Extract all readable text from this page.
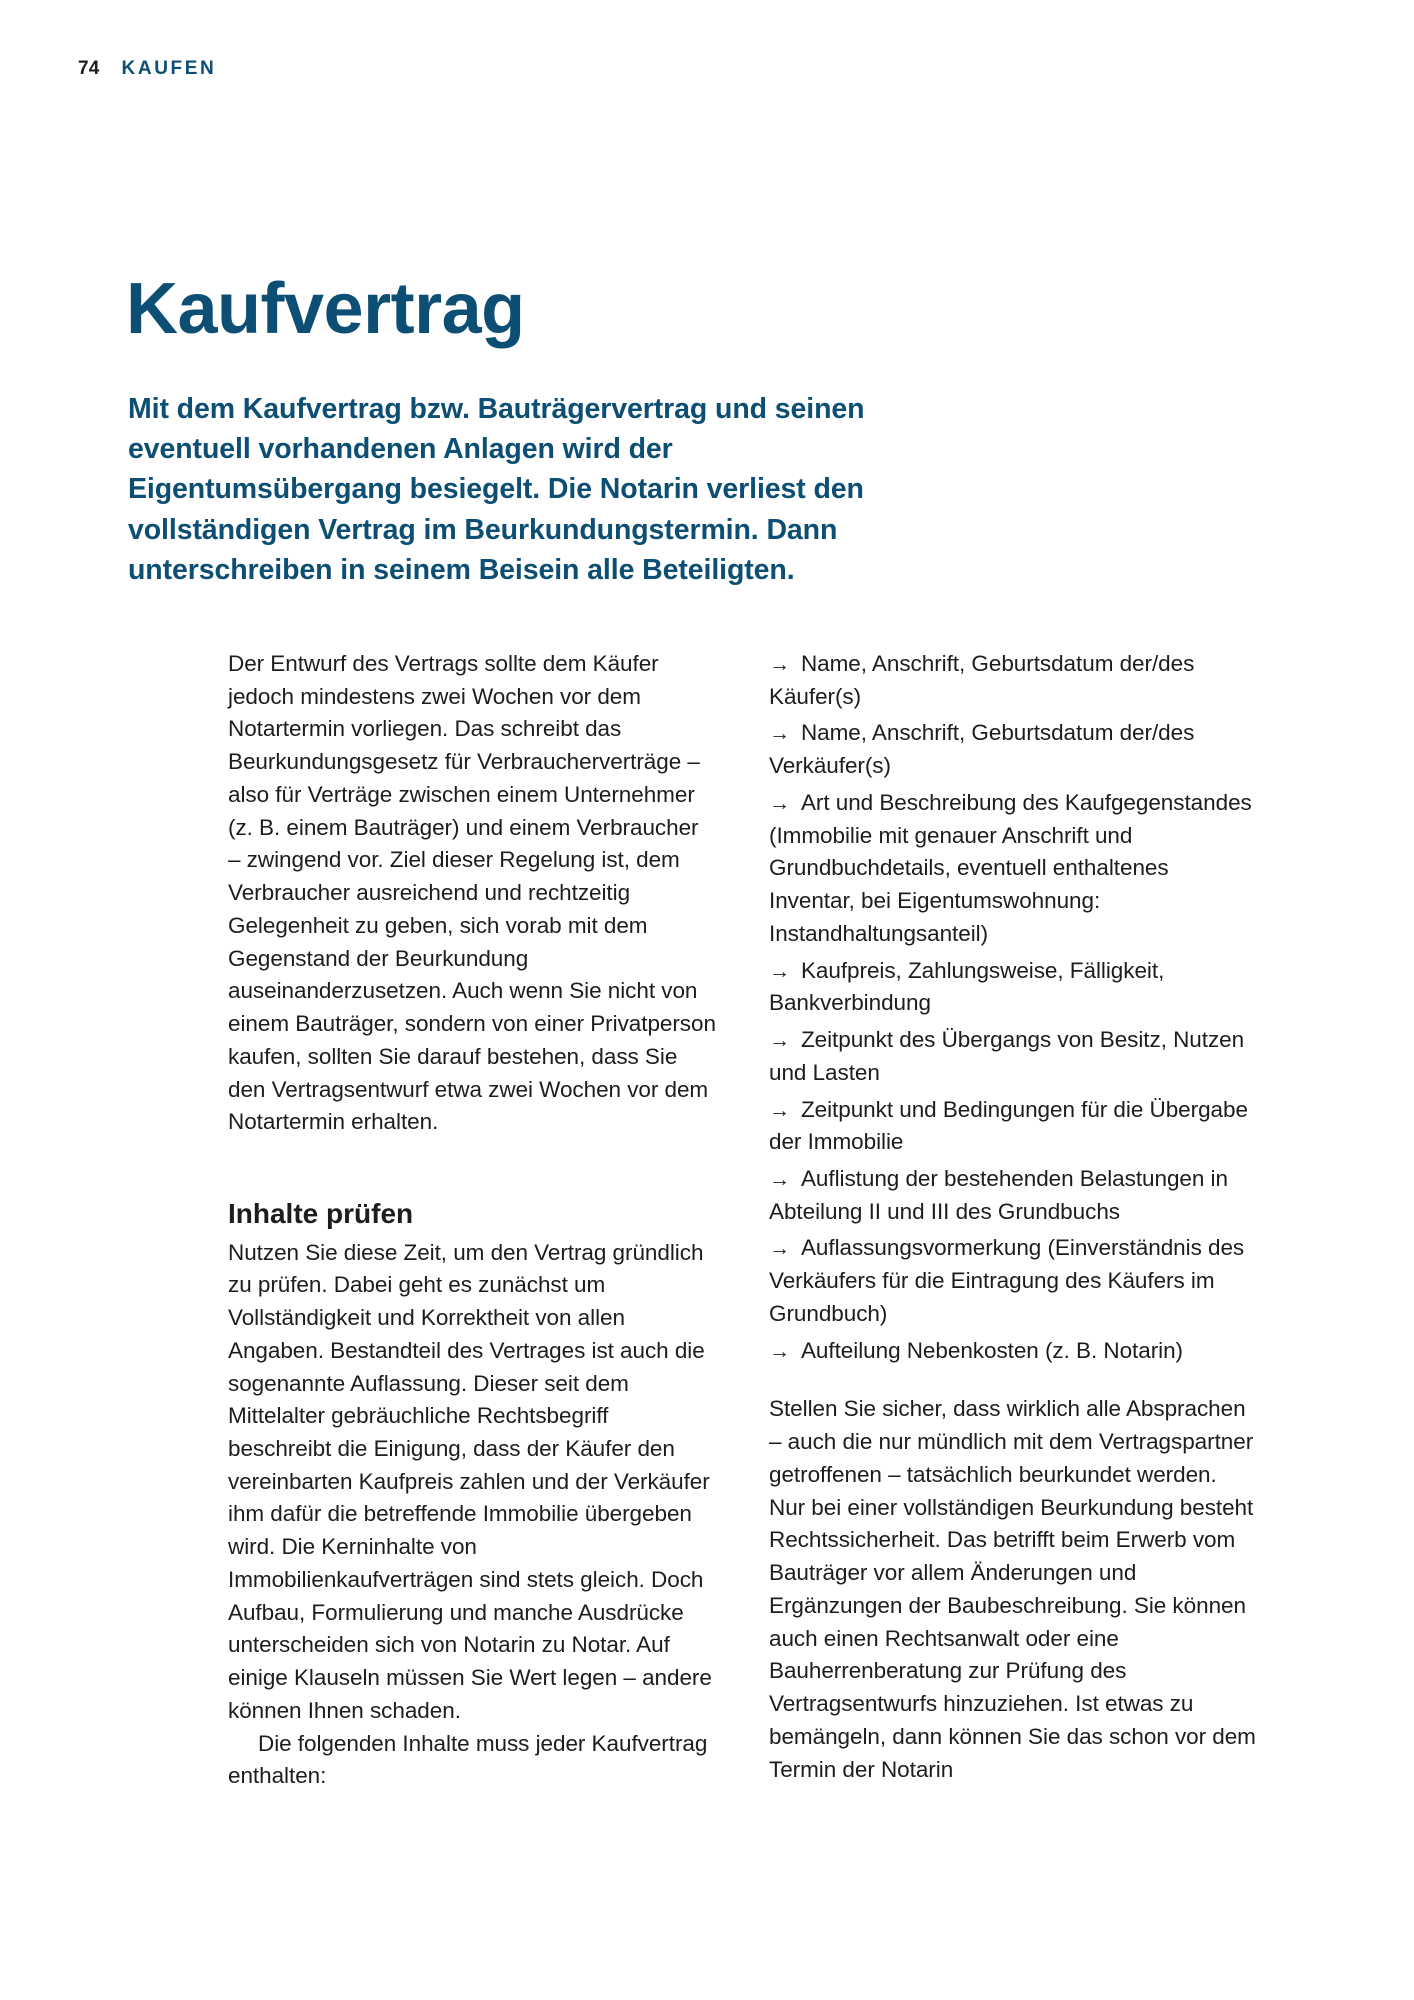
74 KAUFEN
Kaufvertrag

Mit dem Kaufvertrag bzw. Bauträgervertrag und seinen eventuell vorhandenen Anlagen wird der Eigentumsübergang besiegelt. Die Notarin verliest den vollständigen Vertrag im Beurkundungstermin. Dann unterschreiben in seinem Beisein alle Beteiligten.

Der Entwurf des Vertrags sollte dem Käufer jedoch mindestens zwei Wochen vor dem Notartermin vorliegen. Das schreibt das Beurkundungsgesetz für Verbraucherverträge – also für Verträge zwischen einem Unternehmer (z. B. einem Bauträger) und einem Verbraucher – zwingend vor. Ziel dieser Regelung ist, dem Verbraucher ausreichend und rechtzeitig Gelegenheit zu geben, sich vorab mit dem Gegenstand der Beurkundung auseinanderzusetzen. Auch wenn Sie nicht von einem Bauträger, sondern von einer Privatperson kaufen, sollten Sie darauf bestehen, dass Sie den Vertragsentwurf etwa zwei Wochen vor dem Notartermin erhalten.

Inhalte prüfen

Nutzen Sie diese Zeit, um den Vertrag gründlich zu prüfen. Dabei geht es zunächst um Vollständigkeit und Korrektheit von allen Angaben. Bestandteil des Vertrages ist auch die sogenannte Auflassung. Dieser seit dem Mittelalter gebräuchliche Rechtsbegriff beschreibt die Einigung, dass der Käufer den vereinbarten Kaufpreis zahlen und der Verkäufer ihm dafür die betreffende Immobilie übergeben wird. Die Kerninhalte von Immobilienkaufverträgen sind stets gleich. Doch Aufbau, Formulierung und manche Ausdrücke unterscheiden sich von Notarin zu Notar. Auf einige Klauseln müssen Sie Wert legen – andere können Ihnen schaden.

Die folgenden Inhalte muss jeder Kaufvertrag enthalten:

→ Name, Anschrift, Geburtsdatum der/des Käufer(s)
→ Name, Anschrift, Geburtsdatum der/des Verkäufer(s)
→ Art und Beschreibung des Kaufgegenstandes (Immobilie mit genauer Anschrift und Grundbuchdetails, eventuell enthaltenes Inventar, bei Eigentumswohnung: Instandhaltungsanteil)
→ Kaufpreis, Zahlungsweise, Fälligkeit, Bankverbindung
→ Zeitpunkt des Übergangs von Besitz, Nutzen und Lasten
→ Zeitpunkt und Bedingungen für die Übergabe der Immobilie
→ Auflistung der bestehenden Belastungen in Abteilung II und III des Grundbuchs
→ Auflassungsvormerkung (Einverständnis des Verkäufers für die Eintragung des Käufers im Grundbuch)
→ Aufteilung Nebenkosten (z. B. Notarin)

Stellen Sie sicher, dass wirklich alle Absprachen – auch die nur mündlich mit dem Vertragspartner getroffenen – tatsächlich beurkundet werden. Nur bei einer vollständigen Beurkundung besteht Rechtssicherheit. Das betrifft beim Erwerb vom Bauträger vor allem Änderungen und Ergänzungen der Baubeschreibung. Sie können auch einen Rechtsanwalt oder eine Bauherrenberatung zur Prüfung des Vertragsentwurfs hinzuziehen. Ist etwas zu bemängeln, dann können Sie das schon vor dem Termin der Notarin
